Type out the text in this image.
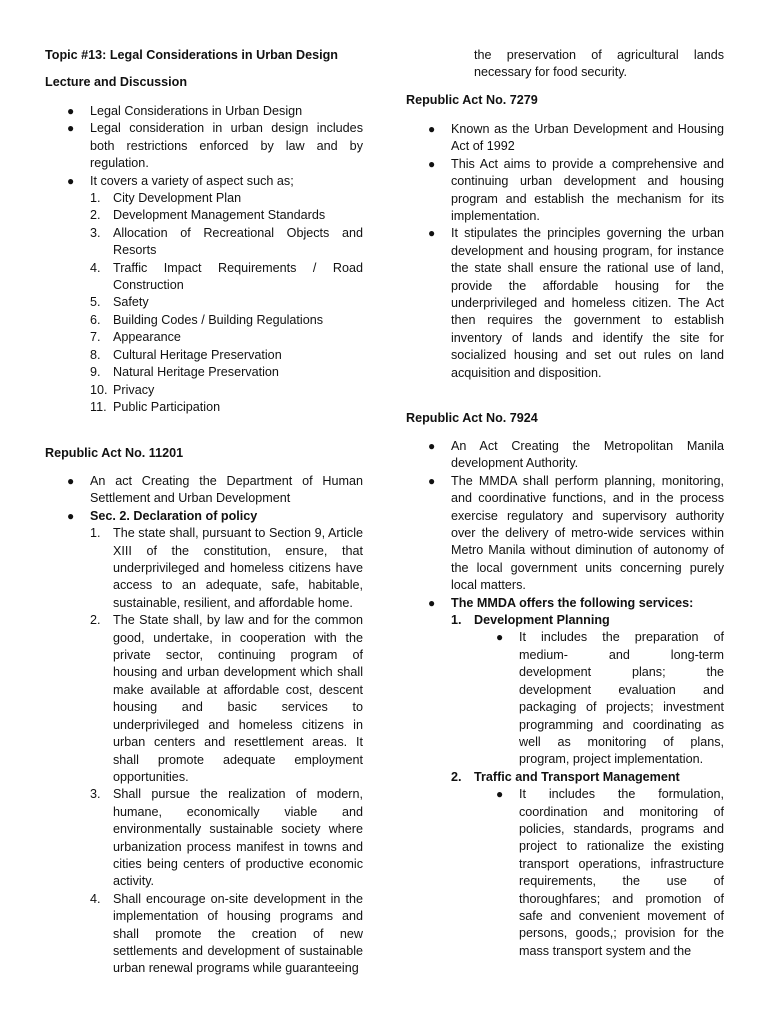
Topic #13: Legal Considerations in Urban Design
Lecture and Discussion
● Legal Considerations in Urban Design
● Legal consideration in urban design includes both restrictions enforced by law and by regulation.
● It covers a variety of aspect such as;
1. City Development Plan
2. Development Management Standards
3. Allocation of Recreational Objects and Resorts
4. Traffic Impact Requirements / Road Construction
5. Safety
6. Building Codes / Building Regulations
7. Appearance
8. Cultural Heritage Preservation
9. Natural Heritage Preservation
10. Privacy
11. Public Participation
Republic Act No. 11201
● An act Creating the Department of Human Settlement and Urban Development
● Sec. 2. Declaration of policy
1. The state shall, pursuant to Section 9, Article XIII of the constitution, ensure, that underprivileged and homeless citizens have access to an adequate, safe, habitable, sustainable, resilient, and affordable home.
2. The State shall, by law and for the common good, undertake, in cooperation with the private sector, continuing program of housing and urban development which shall make available at affordable cost, descent housing and basic services to underprivileged and homeless citizens in urban centers and resettlement areas. It shall promote adequate employment opportunities.
3. Shall pursue the realization of modern, humane, economically viable and environmentally sustainable society where urbanization process manifest in towns and cities being centers of productive economic activity.
4. Shall encourage on-site development in the implementation of housing programs and shall promote the creation of new settlements and development of sustainable urban renewal programs while guaranteeing
the preservation of agricultural lands necessary for food security.
Republic Act No. 7279
● Known as the Urban Development and Housing Act of 1992
● This Act aims to provide a comprehensive and continuing urban development and housing program and establish the mechanism for its implementation.
● It stipulates the principles governing the urban development and housing program, for instance the state shall ensure the rational use of land, provide the affordable housing for the underprivileged and homeless citizen. The Act then requires the government to establish inventory of lands and identify the site for socialized housing and set out rules on land acquisition and disposition.
Republic Act No. 7924
● An Act Creating the Metropolitan Manila development Authority.
● The MMDA shall perform planning, monitoring, and coordinative functions, and in the process exercise regulatory and supervisory authority over the delivery of metro-wide services within Metro Manila without diminution of autonomy of the local government units concerning purely local matters.
● The MMDA offers the following services:
1. Development Planning
● It includes the preparation of medium- and long-term development plans; the development evaluation and packaging of projects; investment programming and coordinating as well as monitoring of plans, program, project implementation.
2. Traffic and Transport Management
● It includes the formulation, coordination and monitoring of policies, standards, programs and project to rationalize the existing transport operations, infrastructure requirements, the use of thoroughfares; and promotion of safe and convenient movement of persons, goods,; provision for the mass transport system and the
